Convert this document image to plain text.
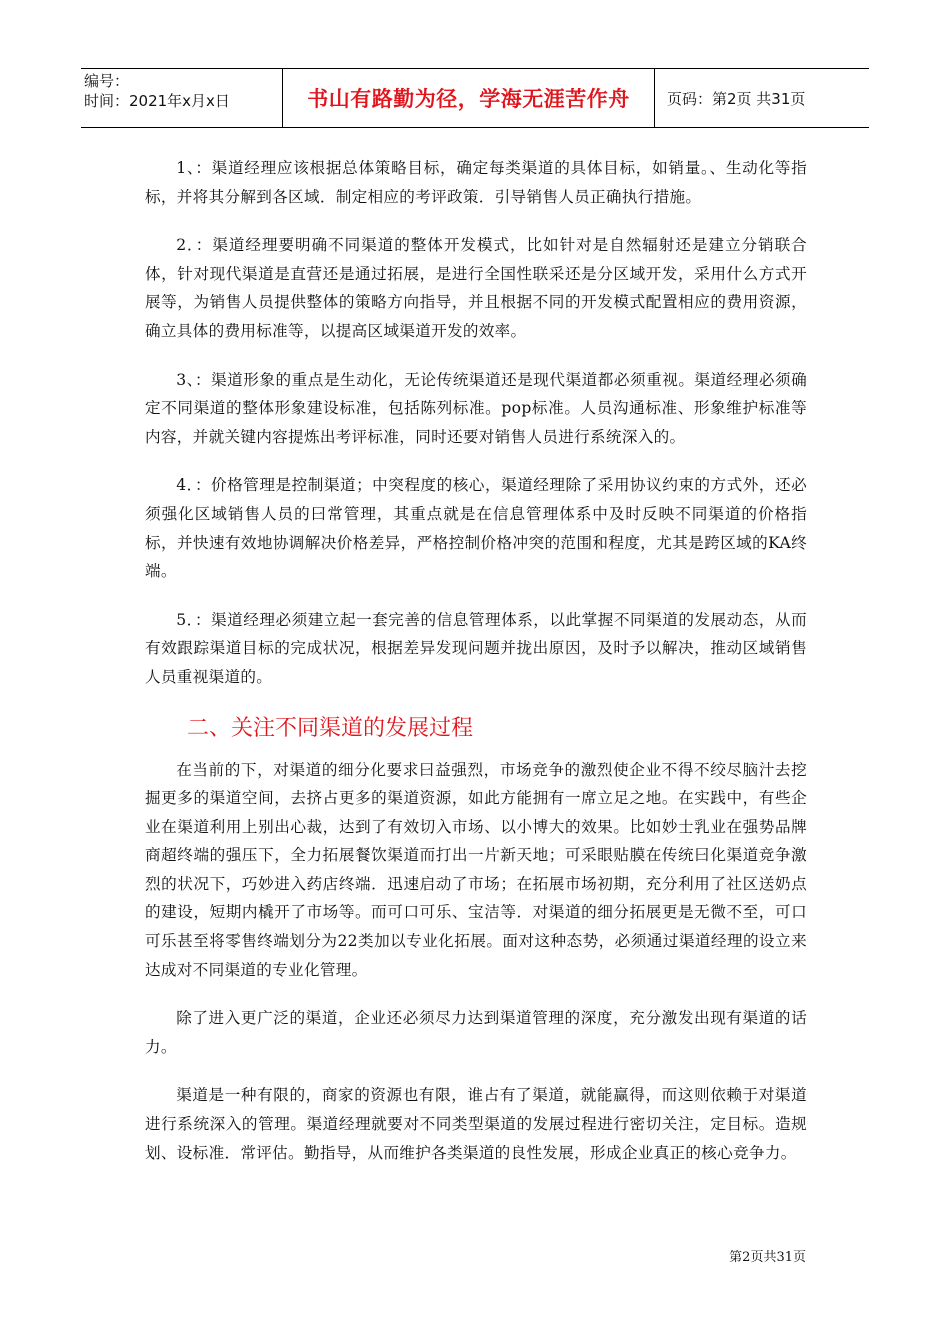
编号：
时间：2021年x月x日	书山有路勤为径，学海无涯苦作舟	页码：第2页 共31页

1、：渠道经理应该根据总体策略目标，确定每类渠道的具体目标，如销量。、生动化等指标，并将其分解到各区域．制定相应的考评政策．引导销售人员正确执行措施。

2．：渠道经理要明确不同渠道的整体开发模式，比如针对是自然辐射还是建立分销联合体，针对现代渠道是直营还是通过拓展，是进行全国性联采还是分区域开发，采用什么方式开展等，为销售人员提供整体的策略方向指导，并且根据不同的开发模式配置相应的费用资源，确立具体的费用标准等，以提高区域渠道开发的效率。

3、：渠道形象的重点是生动化，无论传统渠道还是现代渠道都必须重视。渠道经理必须确定不同渠道的整体形象建设标准，包括陈列标准。pop标准。人员沟通标准、形象维护标准等内容，并就关键内容提炼出考评标准，同时还要对销售人员进行系统深入的。

4．：价格管理是控制渠道；中突程度的核心，渠道经理除了采用协议约束的方式外，还必须强化区域销售人员的曰常管理，其重点就是在信息管理体系中及时反映不同渠道的价格指标，并快速有效地协调解决价格差异，严格控制价格冲突的范围和程度，尤其是跨区域的KA终端。

5．：渠道经理必须建立起一套完善的信息管理体系，以此掌握不同渠道的发展动态，从而有效跟踪渠道目标的完成状况，根据差异发现问题并拢出原因，及时予以解决，推动区域销售人员重视渠道的。

二、关注不同渠道的发展过程

在当前的下，对渠道的细分化要求曰益强烈，市场竞争的激烈使企业不得不绞尽脑汁去挖掘更多的渠道空间，去挤占更多的渠道资源，如此方能拥有一席立足之地。在实践中，有些企业在渠道利用上别出心裁，达到了有效切入市场、以小博大的效果。比如妙士乳业在强势品牌商超终端的强压下，全力拓展餐饮渠道而打出一片新天地；可采眼贴膜在传统曰化渠道竞争激烈的状况下，巧妙进入药店终端．迅速启动了市场；在拓展市场初期，充分利用了社区送奶点的建设，短期内橇开了市场等。而可口可乐、宝洁等．对渠道的细分拓展更是无微不至，可口可乐甚至将零售终端划分为22类加以专业化拓展。面对这种态势，必须通过渠道经理的设立来达成对不同渠道的专业化管理。

除了进入更广泛的渠道，企业还必须尽力达到渠道管理的深度，充分激发出现有渠道的话力。

渠道是一种有限的，商家的资源也有限，谁占有了渠道，就能赢得，而这则依赖于对渠道进行系统深入的管理。渠道经理就要对不同类型渠道的发展过程进行密切关注，定目标。造规划、设标准．常评估。勤指导，从而维护各类渠道的良性发展，形成企业真正的核心竞争力。

第2页共31页
